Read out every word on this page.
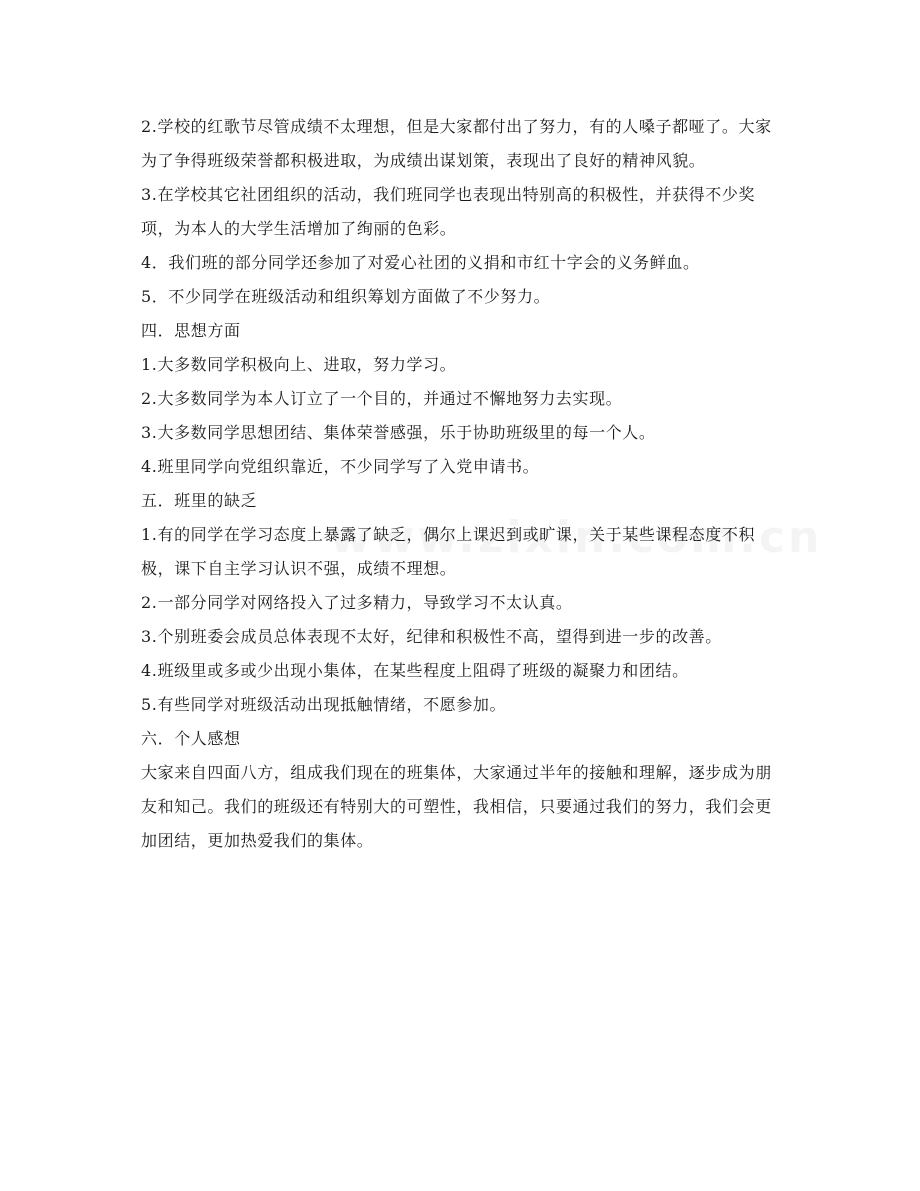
2.学校的红歌节尽管成绩不太理想，但是大家都付出了努力，有的人嗓子都哑了。大家为了争得班级荣誉都积极进取，为成绩出谋划策，表现出了良好的精神风貌。

3.在学校其它社团组织的活动，我们班同学也表现出特别高的积极性，并获得不少奖项，为本人的大学生活增加了绚丽的色彩。

4．我们班的部分同学还参加了对爱心社团的义捐和市红十字会的义务鲜血。

5．不少同学在班级活动和组织筹划方面做了不少努力。

四．思想方面

1.大多数同学积极向上、进取，努力学习。

2.大多数同学为本人订立了一个目的，并通过不懈地努力去实现。

3.大多数同学思想团结、集体荣誉感强，乐于协助班级里的每一个人。

4.班里同学向党组织靠近，不少同学写了入党申请书。

五．班里的缺乏

1.有的同学在学习态度上暴露了缺乏，偶尔上课迟到或旷课，关于某些课程态度不积极，课下自主学习认识不强，成绩不理想。

2.一部分同学对网络投入了过多精力，导致学习不太认真。

3.个别班委会成员总体表现不太好，纪律和积极性不高，望得到进一步的改善。

4.班级里或多或少出现小集体，在某些程度上阻碍了班级的凝聚力和团结。

5.有些同学对班级活动出现抵触情绪，不愿参加。

六．个人感想

大家来自四面八方，组成我们现在的班集体，大家通过半年的接触和理解，逐步成为朋友和知己。我们的班级还有特别大的可塑性，我相信，只要通过我们的努力，我们会更加团结，更加热爱我们的集体。
